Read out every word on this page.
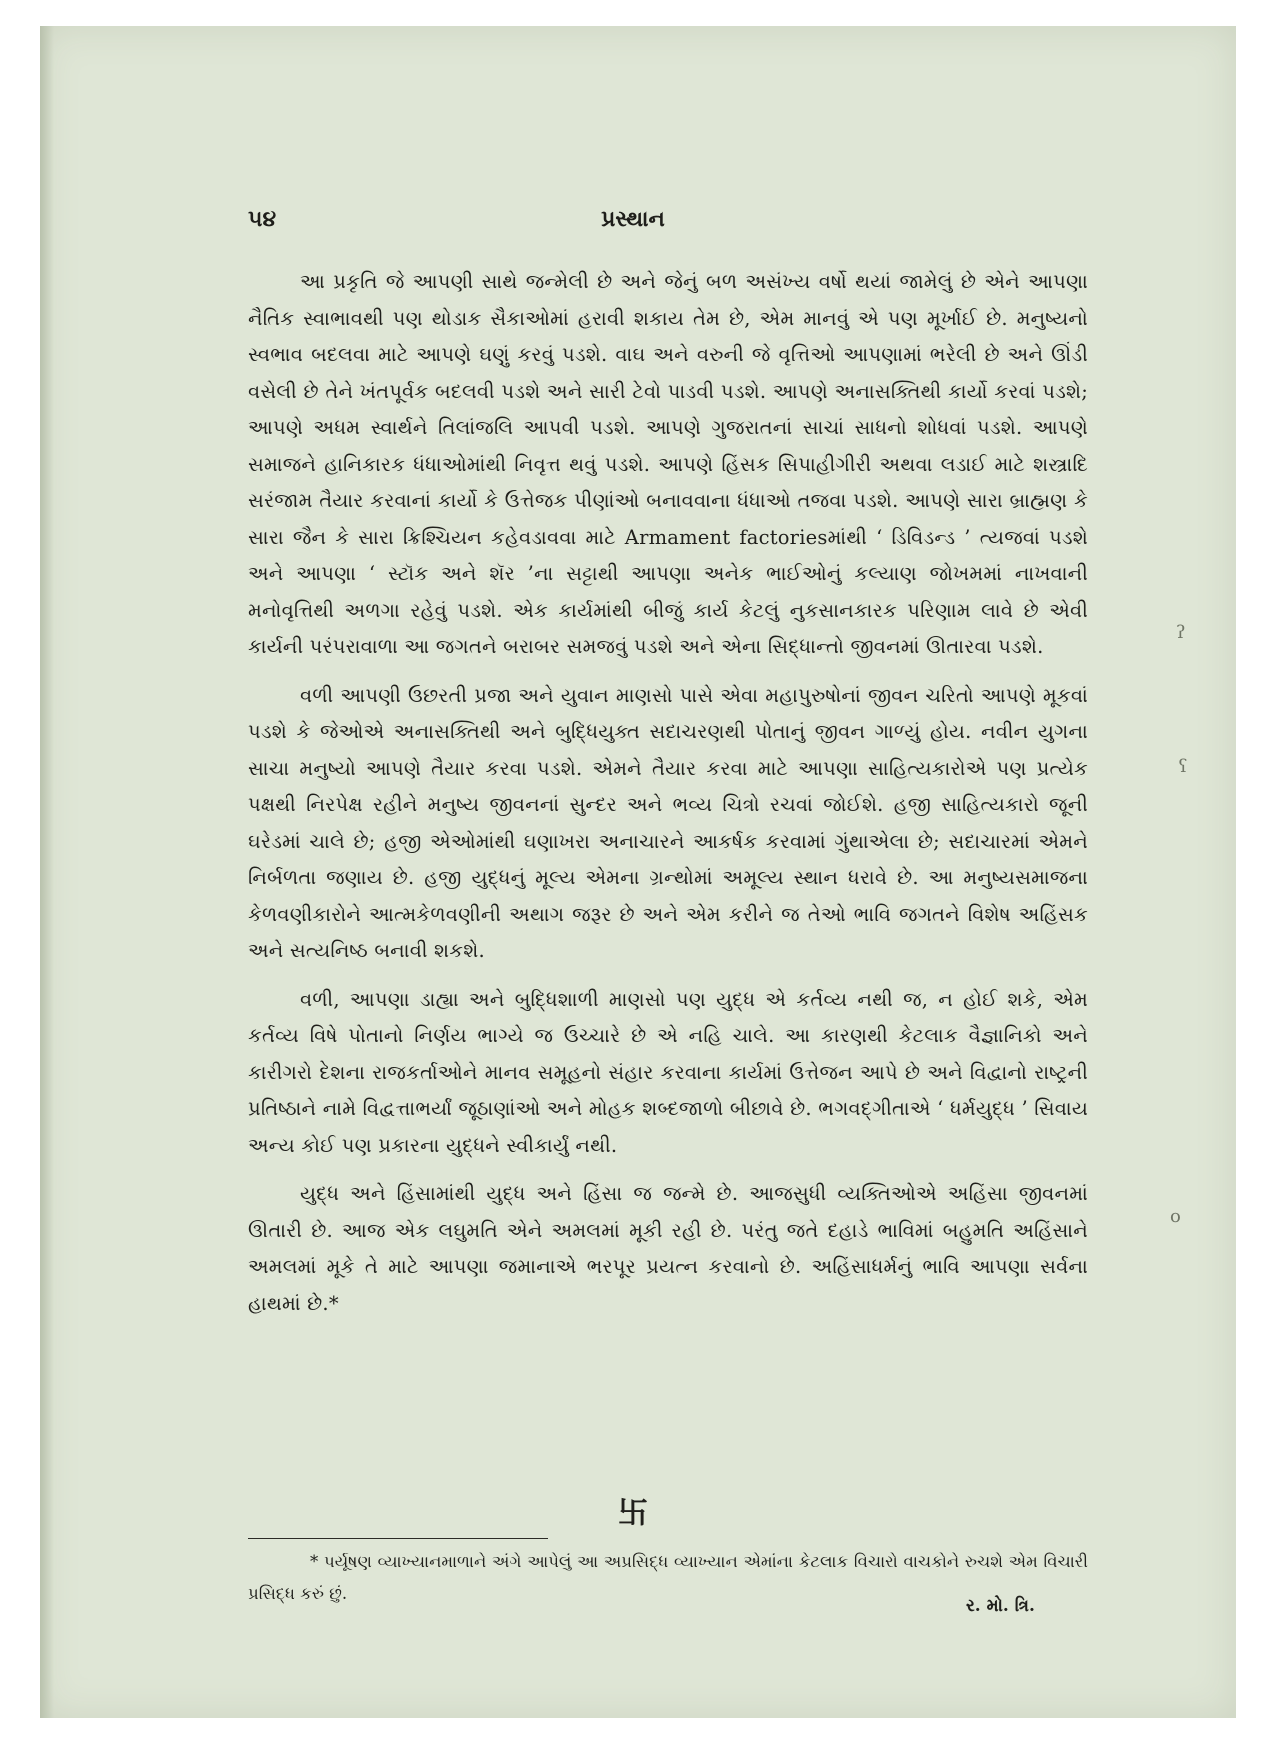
૫૪	પ્રસ્થાન

આ પ્રકૃતિ જે આપણી સાથે જન્મેલી છે અને જેનું બળ અસંખ્ય વર્ષો થયાં જામેલું છે એને આપણા નૈતિક સ્વાભાવથી પણ થોડાક સૈકાઓમાં હરાવી શકાય તેમ છે, એમ માનવું એ પણ મૂર્ખાઈ છે. મનુષ્યનો સ્વભાવ બદલવા માટે આપણે ઘણું કરવું પડશે. વાઘ અને વરુની જે વૃત્તિઓ આપણામાં ભરેલી છે અને ઊંડી વસેલી છે તેને ખંતપૂર્વક બદલવી પડશે અને સારી ટેવો પાડવી પડશે. આપણે અનાસક્તિથી કાર્યો કરવાં પડશે; આપણે અધમ સ્વાર્થને તિલાંજલિ આપવી પડશે. આપણે ગુજરાતનાં સાચાં સાધનો શોધવાં પડશે. આપણે સમાજને હાનિકારક ધંધાઓમાંથી નિવૃત્ત થવું પડશે. આપણે હિંસક સિપાહીગીરી અથવા લડાઈ માટે શસ્ત્રાદિ સરંજામ તૈયાર કરવાનાં કાર્યો કે ઉત્તેજક પીણાંઓ બનાવવાના ધંધાઓ તજવા પડશે. આપણે સારા બ્રાહ્મણ કે સારા જૈન કે સારા ક્રિશ્ચિયન કહેવડાવવા માટે Armament factoriesમાંથી ‘ ડિવિડન્ડ ’ ત્યજવાં પડશે અને આપણા ‘ સ્ટૉક અને શૅર ’ના સટ્ટાથી આપણા અનેક ભાઈઓનું કલ્યાણ જોખમમાં નાખવાની મનોવૃત્તિથી અળગા રહેવું પડશે. એક કાર્યમાંથી બીજું કાર્ય કેટલું નુકસાનકારક પરિણામ લાવે છે એવી કાર્યની પરંપરાવાળા આ જગતને બરાબર સમજવું પડશે અને એના સિદ્ધાન્તો જીવનમાં ઊતારવા પડશે.

વળી આપણી ઉછરતી પ્રજા અને યુવાન માણસો પાસે એવા મહાપુરુષોનાં જીવન ચરિતો આપણે મૂકવાં પડશે કે જેઓએ અનાસક્તિથી અને બુદ્ધિયુક્ત સદાચરણથી પોતાનું જીવન ગાળ્યું હોય. નવીન યુગના સાચા મનુષ્યો આપણે તૈયાર કરવા પડશે. એમને તૈયાર કરવા માટે આપણા સાહિત્યકારોએ પણ પ્રત્યેક પક્ષથી નિરપેક્ષ રહીને મનુષ્ય જીવનનાં સુન્દર અને ભવ્ય ચિત્રો રચવાં જોઈશે. હજી સાહિત્યકારો જૂની ઘરેડમાં ચાલે છે; હજી એઓમાંથી ઘણાખરા અનાચારને આકર્ષક કરવામાં ગુંથાએલા છે; સદાચારમાં એમને નિર્બળતા જણાય છે. હજી યુદ્ધનું મૂલ્ય એમના ગ્રન્થોમાં અમૂલ્ય સ્થાન ધરાવે છે. આ મનુષ્યસમાજના કેળવણીકારોને આત્મકેળવણીની અથાગ જરૂર છે અને એમ કરીને જ તેઓ ભાવિ જગતને વિશેષ અહિંસક અને સત્યનિષ્ઠ બનાવી શકશે.

વળી, આપણા ડાહ્યા અને બુદ્ધિશાળી માણસો પણ યુદ્ધ એ કર્તવ્ય નથી જ, ન હોઈ શકે, એમ કર્તવ્ય વિષે પોતાનો નિર્ણય ભાગ્યે જ ઉચ્ચારે છે એ નહિ ચાલે. આ કારણથી કેટલાક વૈજ્ઞાનિકો અને કારીગરો દેશના રાજકર્તાઓને માનવ સમૂહનો સંહાર કરવાના કાર્યમાં ઉત્તેજન આપે છે અને વિદ્વાનો રાષ્ટ્રની પ્રતિષ્ઠાને નામે વિદ્વત્તાભર્યાં જૂઠાણાંઓ અને મોહક શબ્દજાળો બીછાવે છે. ભગવદ્ગીતાએ ‘ ધર્મયુદ્ધ ’ સિવાય અન્ય કોઈ પણ પ્રકારના યુદ્ધને સ્વીકાર્યું નથી.

યુદ્ધ અને હિંસામાંથી યુદ્ધ અને હિંસા જ જન્મે છે. આજસુધી વ્યક્તિઓએ અહિંસા જીવનમાં ઊતારી છે. આજ એક લઘુમતિ એને અમલમાં મૂકી રહી છે. પરંતુ જતે દહાડે ભાવિમાં બહુમતિ અહિંસાને અમલમાં મૂકે તે માટે આપણા જમાનાએ ભરપૂર પ્રયત્ન કરવાનો છે. અહિંસાધર્મનું ભાવિ આપણા સર્વના હાથમાં છે.*

卐
* પર્યૂષણ વ્યાખ્યાનમાળાને અંગે આપેલું આ અપ્રસિદ્ધ વ્યાખ્યાન એમાંના કેટલાક વિચારો વાચકોને રુચશે એમ વિચારી પ્રસિદ્ધ કરું છું.
ર. મો. ત્રિ.
ʔ
ʕ
o
